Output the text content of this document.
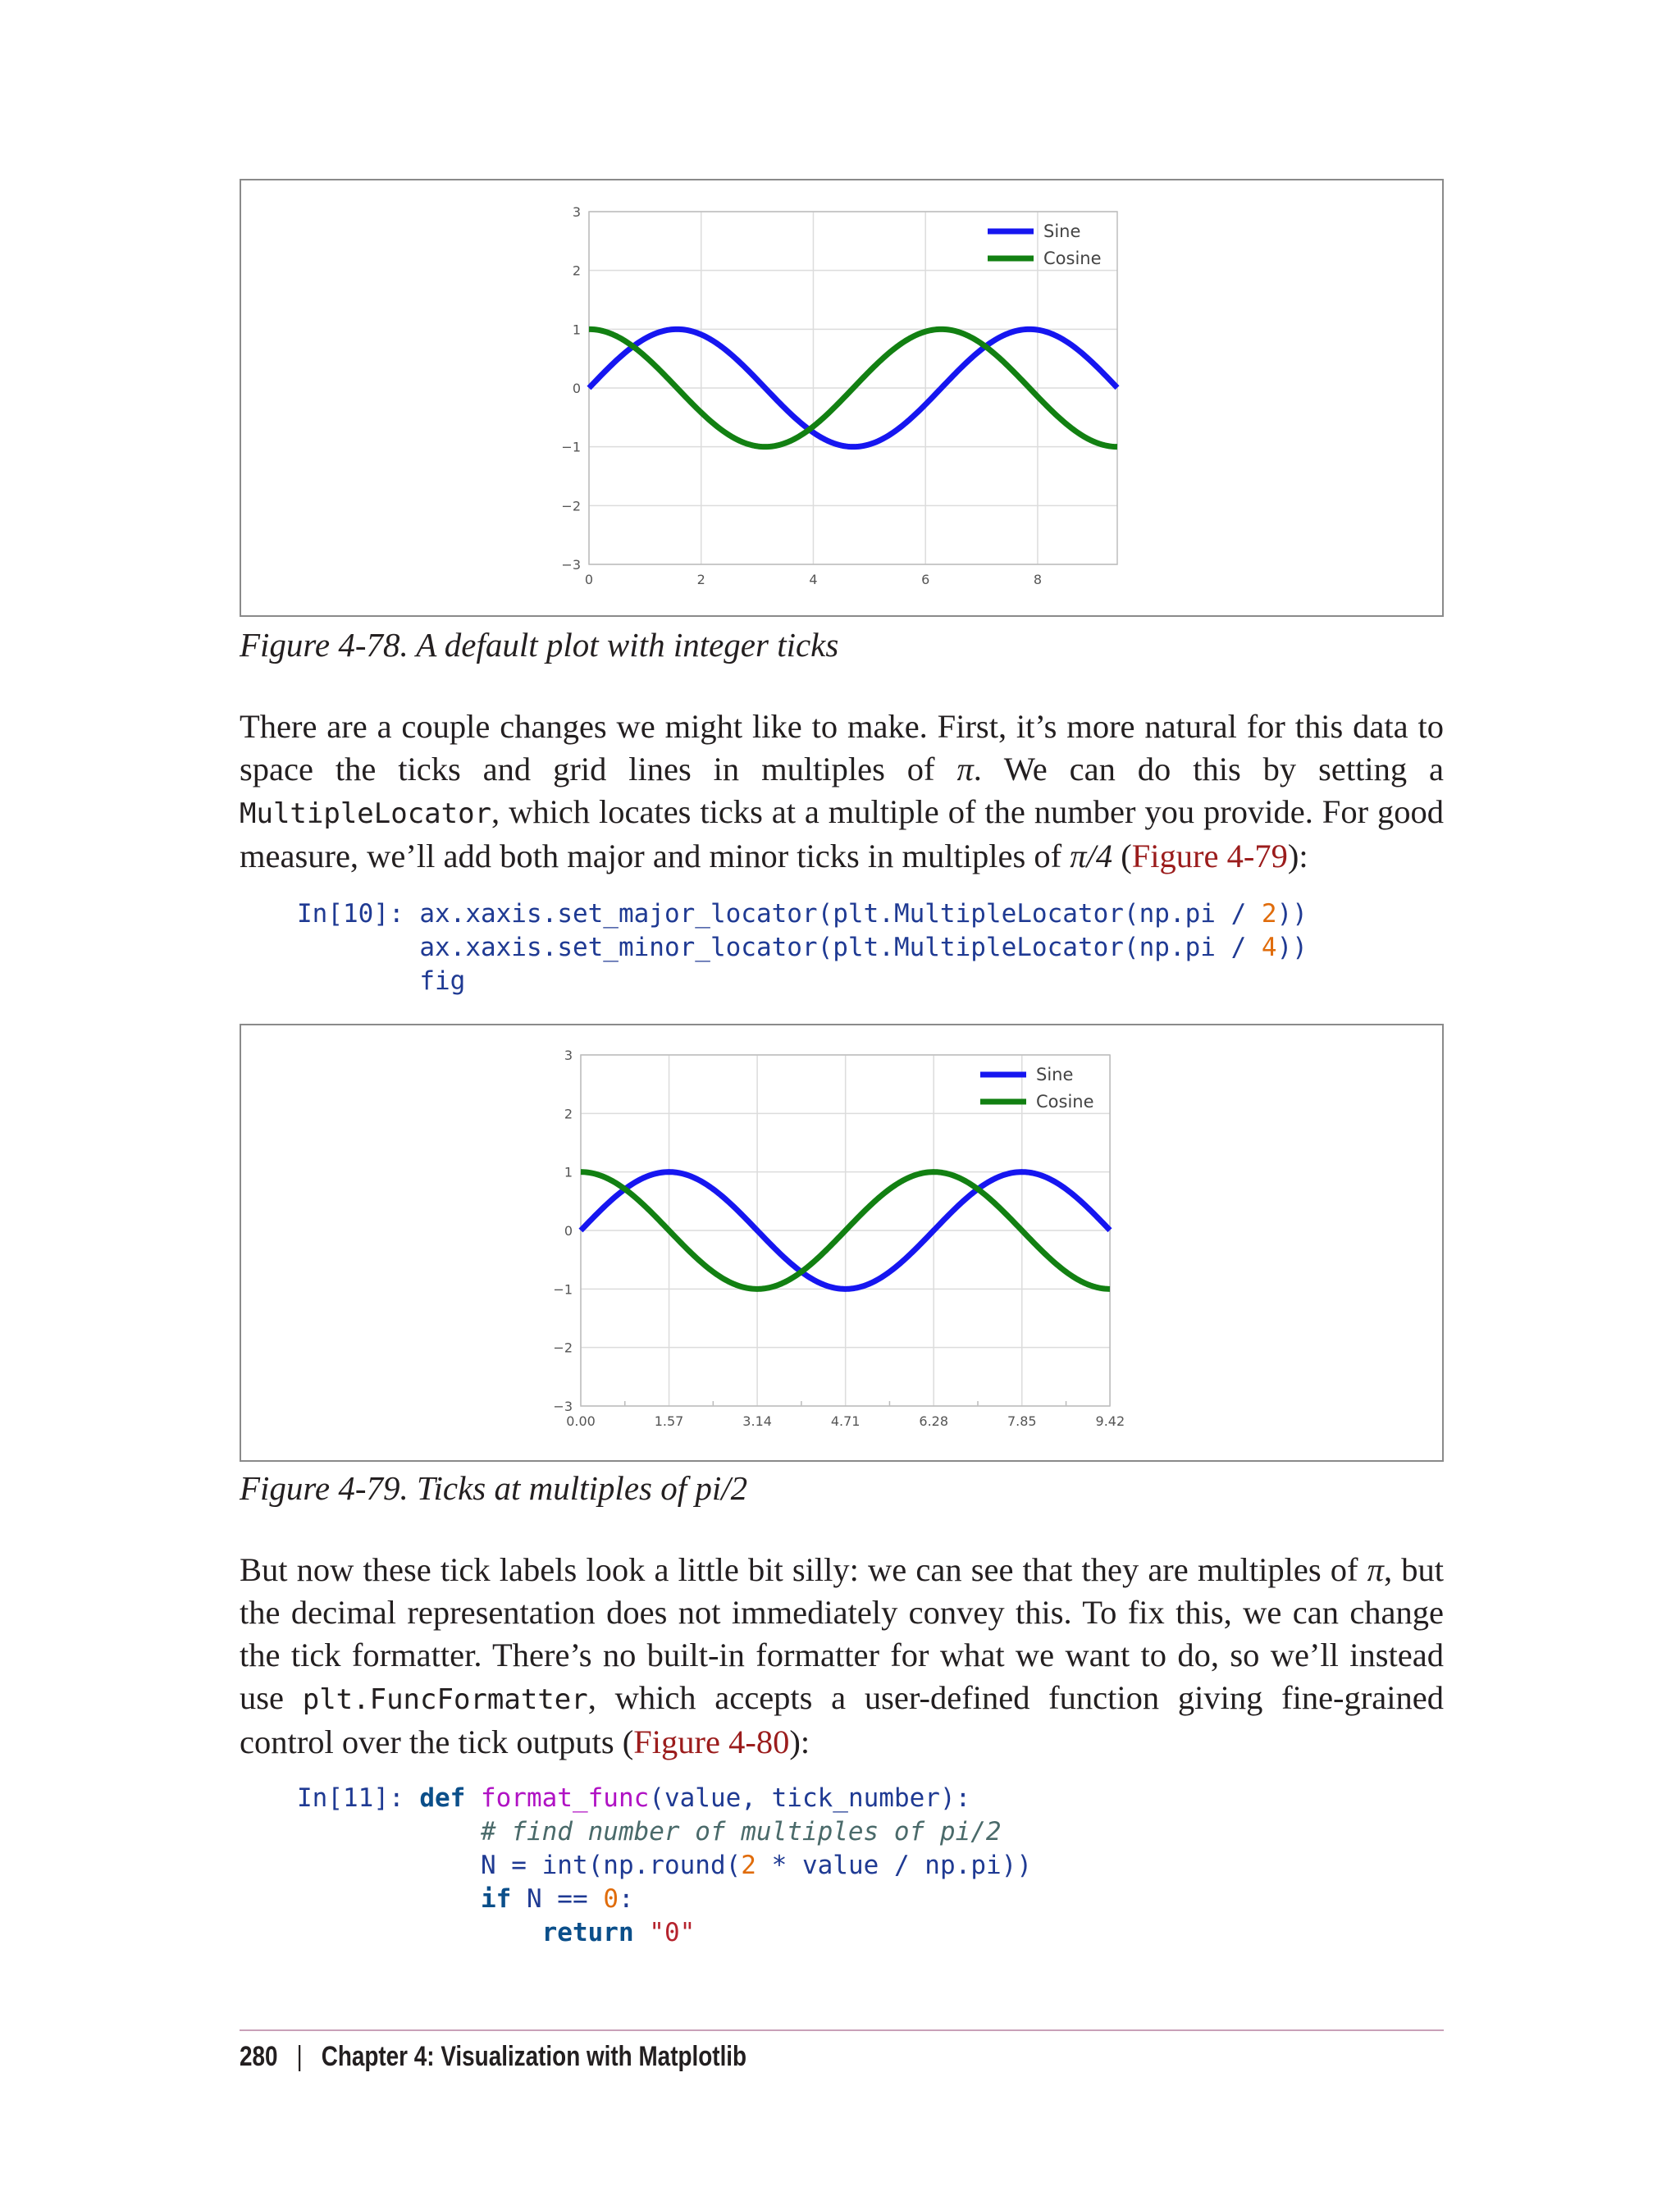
0	2	4	6	8
3
2
1
0
−1
−2
−3
Sine
Cosine
Figure 4-78. A default plot with integer ticks
There are a couple changes we might like to make. First, it’s more natural for this data to space the ticks and grid lines in multiples of π. We can do this by setting a MultipleLocator, which locates ticks at a multiple of the number you provide. For good measure, we’ll add both major and minor ticks in multiples of π/4 (Figure 4-79):
In[10]: ax.xaxis.set_major_locator(plt.MultipleLocator(np.pi / 2))
ax.xaxis.set_minor_locator(plt.MultipleLocator(np.pi / 4))
fig
0.00	1.57	3.14	4.71	6.28	7.85	9.42
3
2
1
0
−1
−2
−3
Sine
Cosine
Figure 4-79. Ticks at multiples of pi/2
But now these tick labels look a little bit silly: we can see that they are multiples of π, but the decimal representation does not immediately convey this. To fix this, we can change the tick formatter. There’s no built-in formatter for what we want to do, so we’ll instead use plt.FuncFormatter, which accepts a user-defined function giving fine-grained control over the tick outputs (Figure 4-80):
In[11]: def format_func(value, tick_number):
# find number of multiples of pi/2
N = int(np.round(2 * value / np.pi))
if N == 0:
return "0"
280 | Chapter 4: Visualization with Matplotlib
